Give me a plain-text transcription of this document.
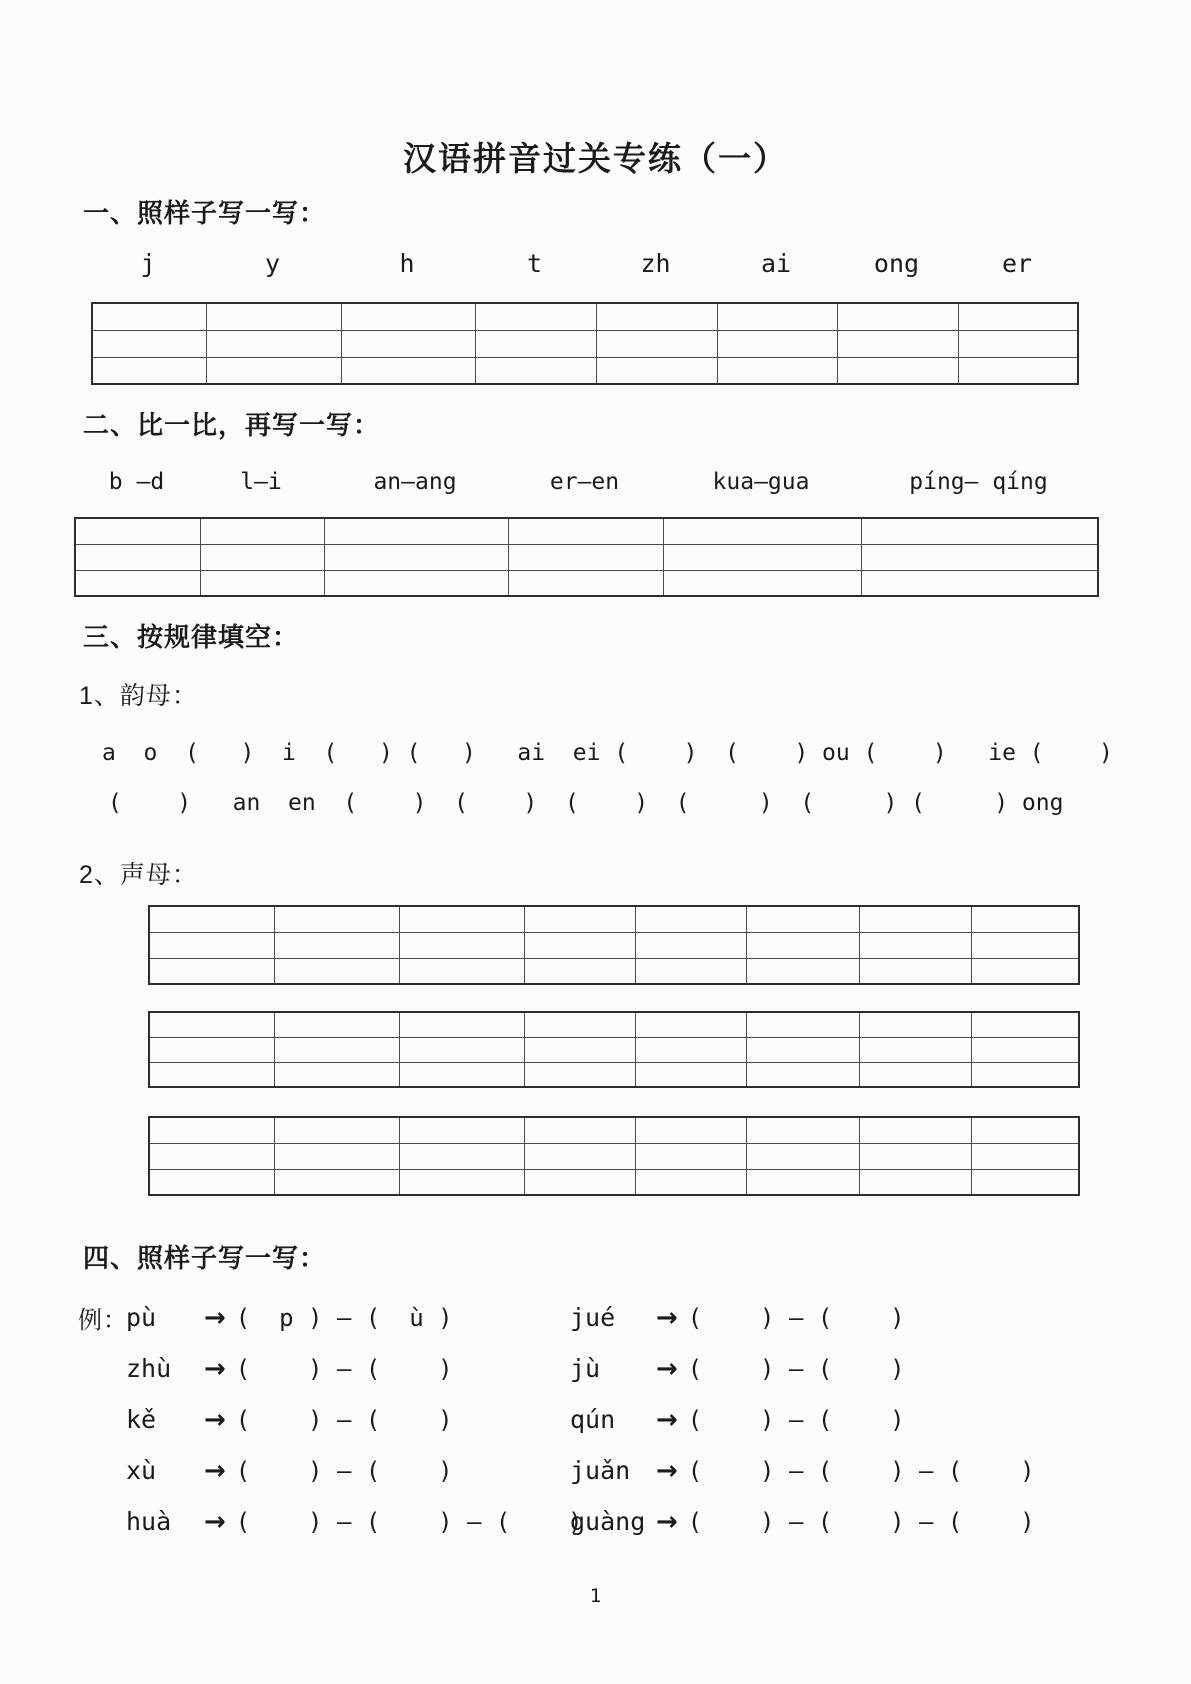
汉语拼音过关专练（一）
一、照样子写一写：
j	y	h	t	zh	ai	ong	er

二、比一比，再写一写：
b —d	l—i	an—ang	er—en	kua—gua	píng— qíng

三、按规律填空：
1、韵母：
a  o  (   )  i  (   ) (   )   ai  ei (    )  (    ) ou (    )   ie (    )
(    )   an  en  (    )  (    )  (    )  (     )  (     ) (     ) ong
2、声母：

四、照样子写一写：
例：
pù	→ (  p ) — (  ù )
zhù	→ (    ) — (    )
kě	→ (    ) — (    )
xù	→ (    ) — (    )
huà	→ (    ) — (    ) — (    )
jué	→ (    ) — (    )
jù	→ (    ) — (    )
qún	→ (    ) — (    )
juǎn → (    ) — (    ) — (    )
guàng → (    ) — (    ) — (    )
1
